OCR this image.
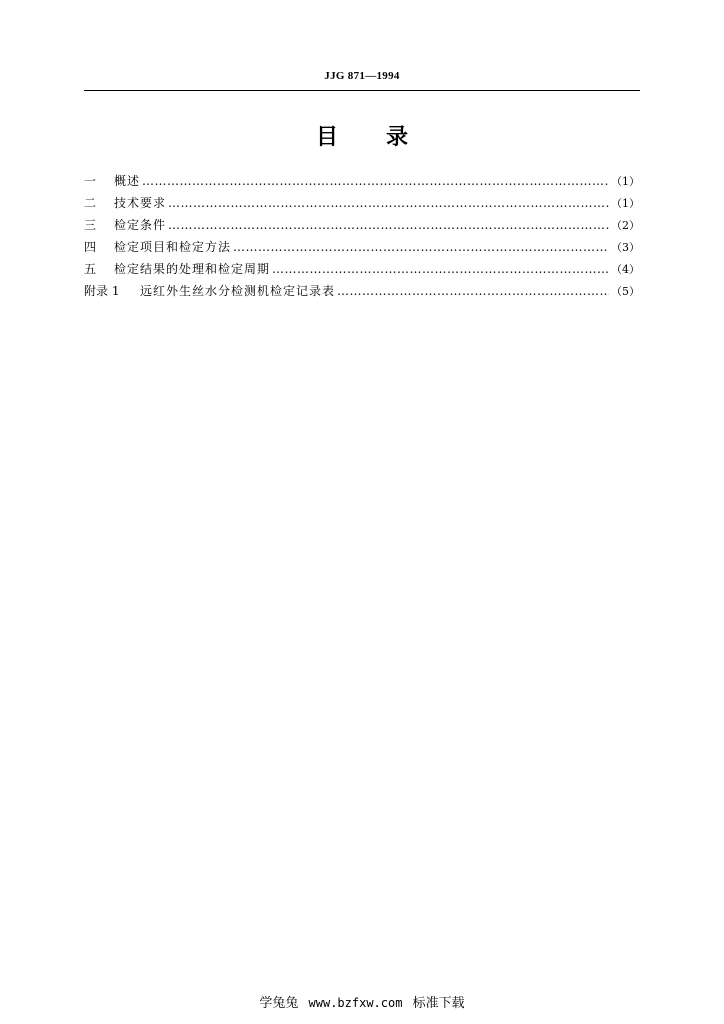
JJG 871—1994
目 录
一	概述 ……………………………………………………………………………………………………………………………………………………………………………………………	（1）
二	技术要求 ……………………………………………………………………………………………………………………………………………………………………………………………	（1）
三	检定条件 ……………………………………………………………………………………………………………………………………………………………………………………………	（2）
四	检定项目和检定方法 ……………………………………………………………………………………………………………………………………………………………………………………………	（3）
五	检定结果的处理和检定周期 ……………………………………………………………………………………………………………………………………………………………………………………………	（4）
附录 1	远红外生丝水分检测机检定记录表 ……………………………………………………………………………………………………………………………………………………………………………………………	（5）
学兔兔 www.bzfxw.com 标准下载
